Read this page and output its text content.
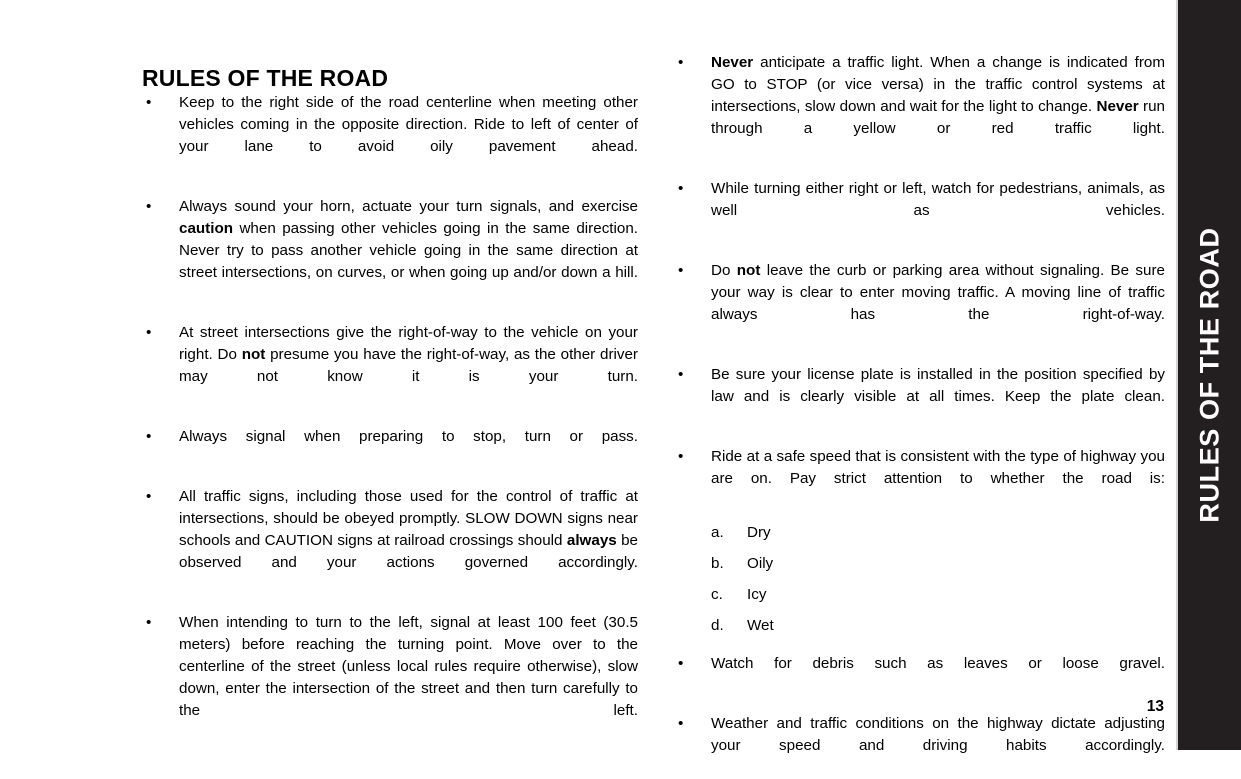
RULES OF THE ROAD
• Keep to the right side of the road centerline when meeting other vehicles coming in the opposite direction. Ride to left of center of your lane to avoid oily pavement ahead.
• Always sound your horn, actuate your turn signals, and exercise caution when passing other vehicles going in the same direction. Never try to pass another vehicle going in the same direction at street intersections, on curves, or when going up and/or down a hill.
• At street intersections give the right-of-way to the vehicle on your right. Do not presume you have the right-of-way, as the other driver may not know it is your turn.
• Always signal when preparing to stop, turn or pass.
• All traffic signs, including those used for the control of traffic at intersections, should be obeyed promptly. SLOW DOWN signs near schools and CAUTION signs at railroad crossings should always be observed and your actions governed accordingly.
• When intending to turn to the left, signal at least 100 feet (30.5 meters) before reaching the turning point. Move over to the centerline of the street (unless local rules require otherwise), slow down, enter the intersection of the street and then turn carefully to the left.
• Never anticipate a traffic light. When a change is indicated from GO to STOP (or vice versa) in the traffic control systems at intersections, slow down and wait for the light to change. Never run through a yellow or red traffic light.
• While turning either right or left, watch for pedestrians, animals, as well as vehicles.
• Do not leave the curb or parking area without signaling. Be sure your way is clear to enter moving traffic. A moving line of traffic always has the right-of-way.
• Be sure your license plate is installed in the position specified by law and is clearly visible at all times. Keep the plate clean.
• Ride at a safe speed that is consistent with the type of highway you are on. Pay strict attention to whether the road is:
a. Dry
b. Oily
c. Icy
d. Wet
• Watch for debris such as leaves or loose gravel.
• Weather and traffic conditions on the highway dictate adjusting your speed and driving habits accordingly.
13
RULES OF THE ROAD
